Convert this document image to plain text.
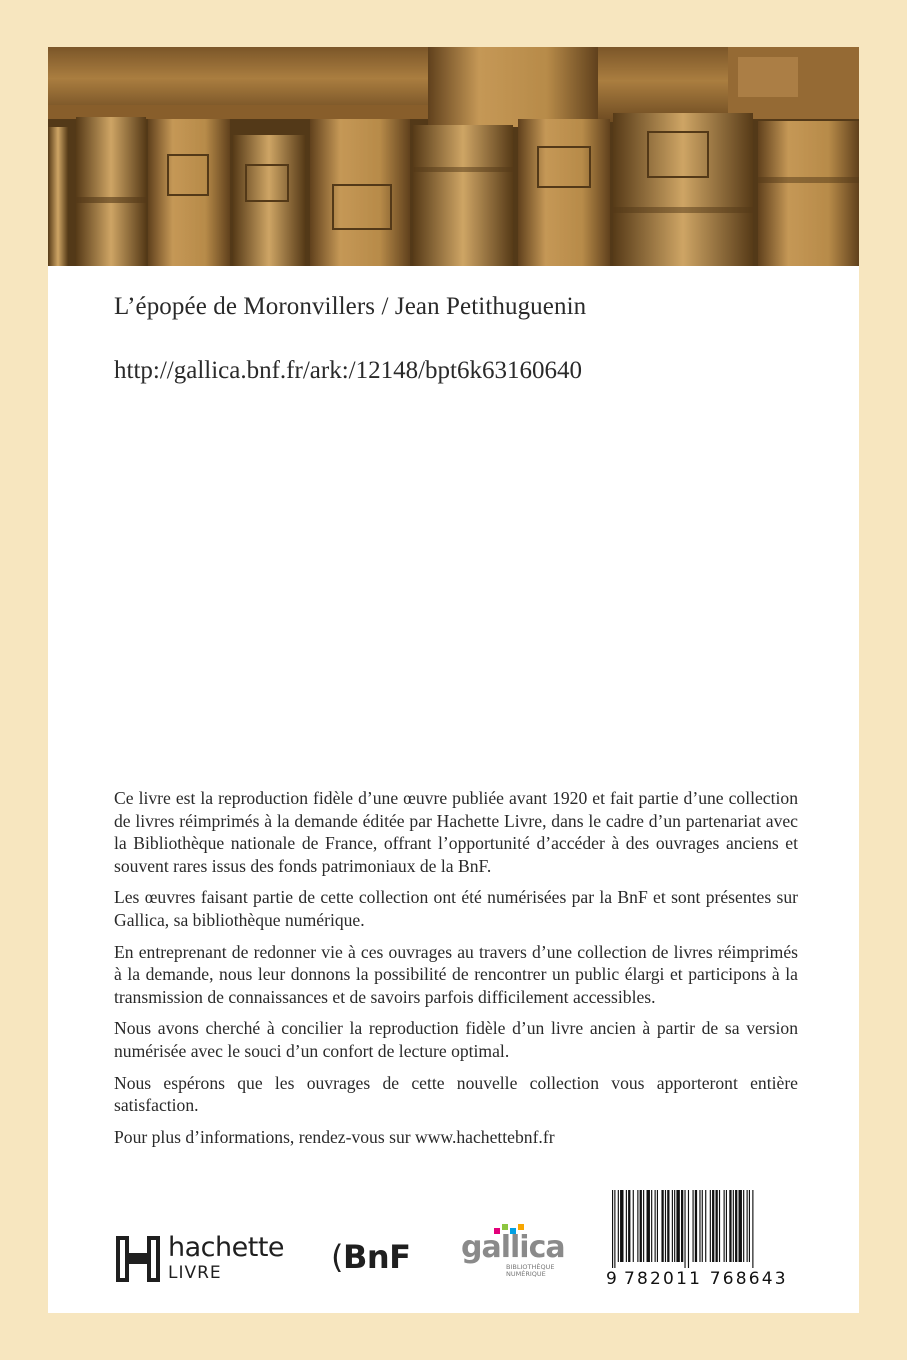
L’épopée de Moronvillers / Jean Petithuguenin
http://gallica.bnf.fr/ark:/12148/bpt6k63160640

Ce livre est la reproduction fidèle d’une œuvre publiée avant 1920 et fait partie d’une collection de livres réimprimés à la demande éditée par Hachette Livre, dans le cadre d’un partenariat avec la Bibliothèque nationale de France, offrant l’opportunité d’accéder à des ouvrages anciens et souvent rares issus des fonds patrimoniaux de la BnF.

Les œuvres faisant partie de cette collection ont été numérisées par la BnF et sont présentes sur Gallica, sa bibliothèque numérique.

En entreprenant de redonner vie à ces ouvrages au travers d’une collection de livres réimprimés à la demande, nous leur donnons la possibilité de rencontrer un public élargi et participons à la transmission de connaissances et de savoirs parfois difficilement accessibles.

Nous avons cherché à concilier la reproduction fidèle d’un livre ancien à partir de sa version numérisée avec le souci d’un confort de lecture optimal.

Nous espérons que les ouvrages de cette nouvelle collection vous apporteront entière satisfaction.

Pour plus d’informations, rendez-vous sur www.hachettebnf.fr

hachette
LIVRE	(BnF gallica
BIBLIOTHÈQUE
NUMÉRIQUE	9 782011 768643
